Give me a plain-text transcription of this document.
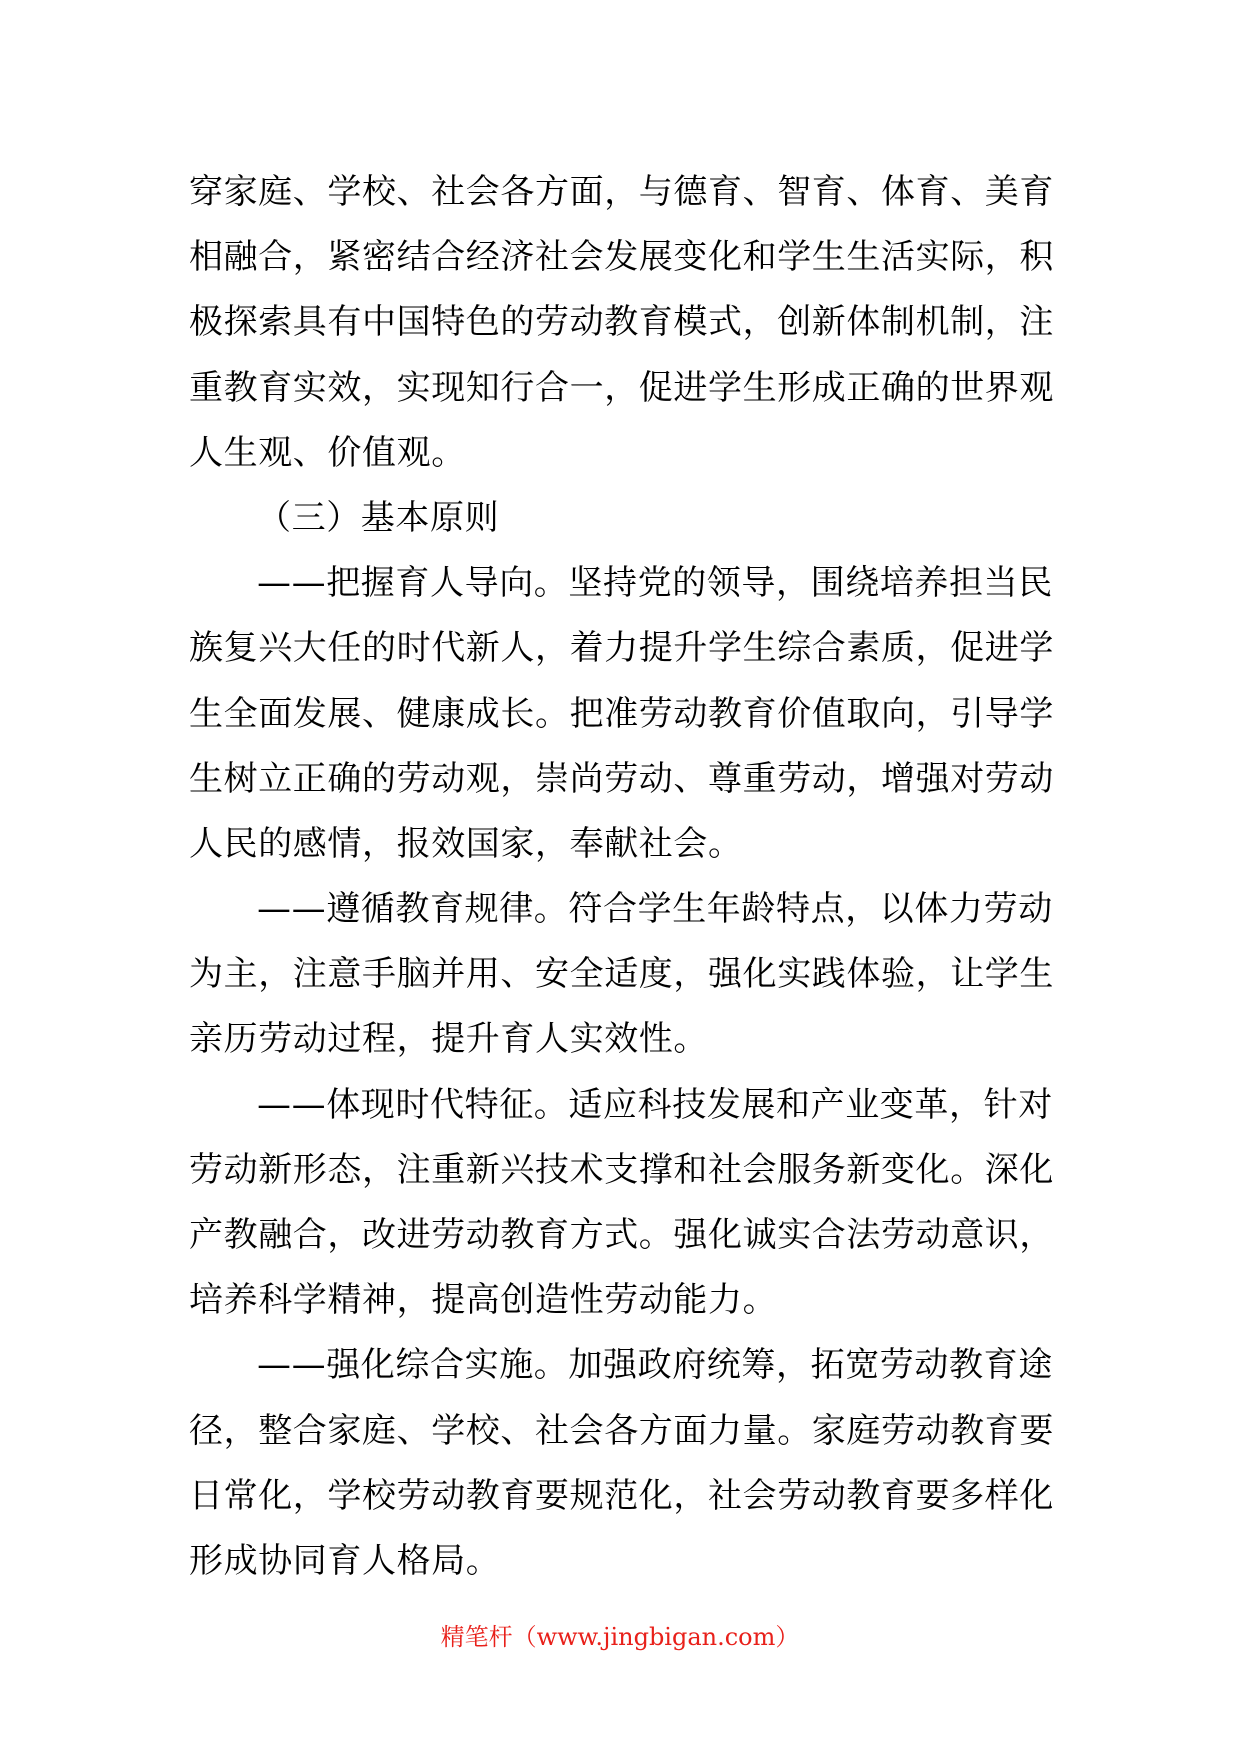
穿家庭、学校、社会各方面，与德育、智育、体育、美育
相融合，紧密结合经济社会发展变化和学生生活实际，积
极探索具有中国特色的劳动教育模式，创新体制机制，注
重教育实效，实现知行合一，促进学生形成正确的世界观
人生观、价值观。
（三）基本原则
——把握育人导向。坚持党的领导，围绕培养担当民
族复兴大任的时代新人，着力提升学生综合素质，促进学
生全面发展、健康成长。把准劳动教育价值取向，引导学
生树立正确的劳动观，崇尚劳动、尊重劳动，增强对劳动
人民的感情，报效国家，奉献社会。
——遵循教育规律。符合学生年龄特点，以体力劳动
为主，注意手脑并用、安全适度，强化实践体验，让学生
亲历劳动过程，提升育人实效性。
——体现时代特征。适应科技发展和产业变革，针对
劳动新形态，注重新兴技术支撑和社会服务新变化。深化
产教融合，改进劳动教育方式。强化诚实合法劳动意识，
培养科学精神，提高创造性劳动能力。
——强化综合实施。加强政府统筹，拓宽劳动教育途
径，整合家庭、学校、社会各方面力量。家庭劳动教育要
日常化，学校劳动教育要规范化，社会劳动教育要多样化
形成协同育人格局。
精笔杆（www.jingbigan.com）
